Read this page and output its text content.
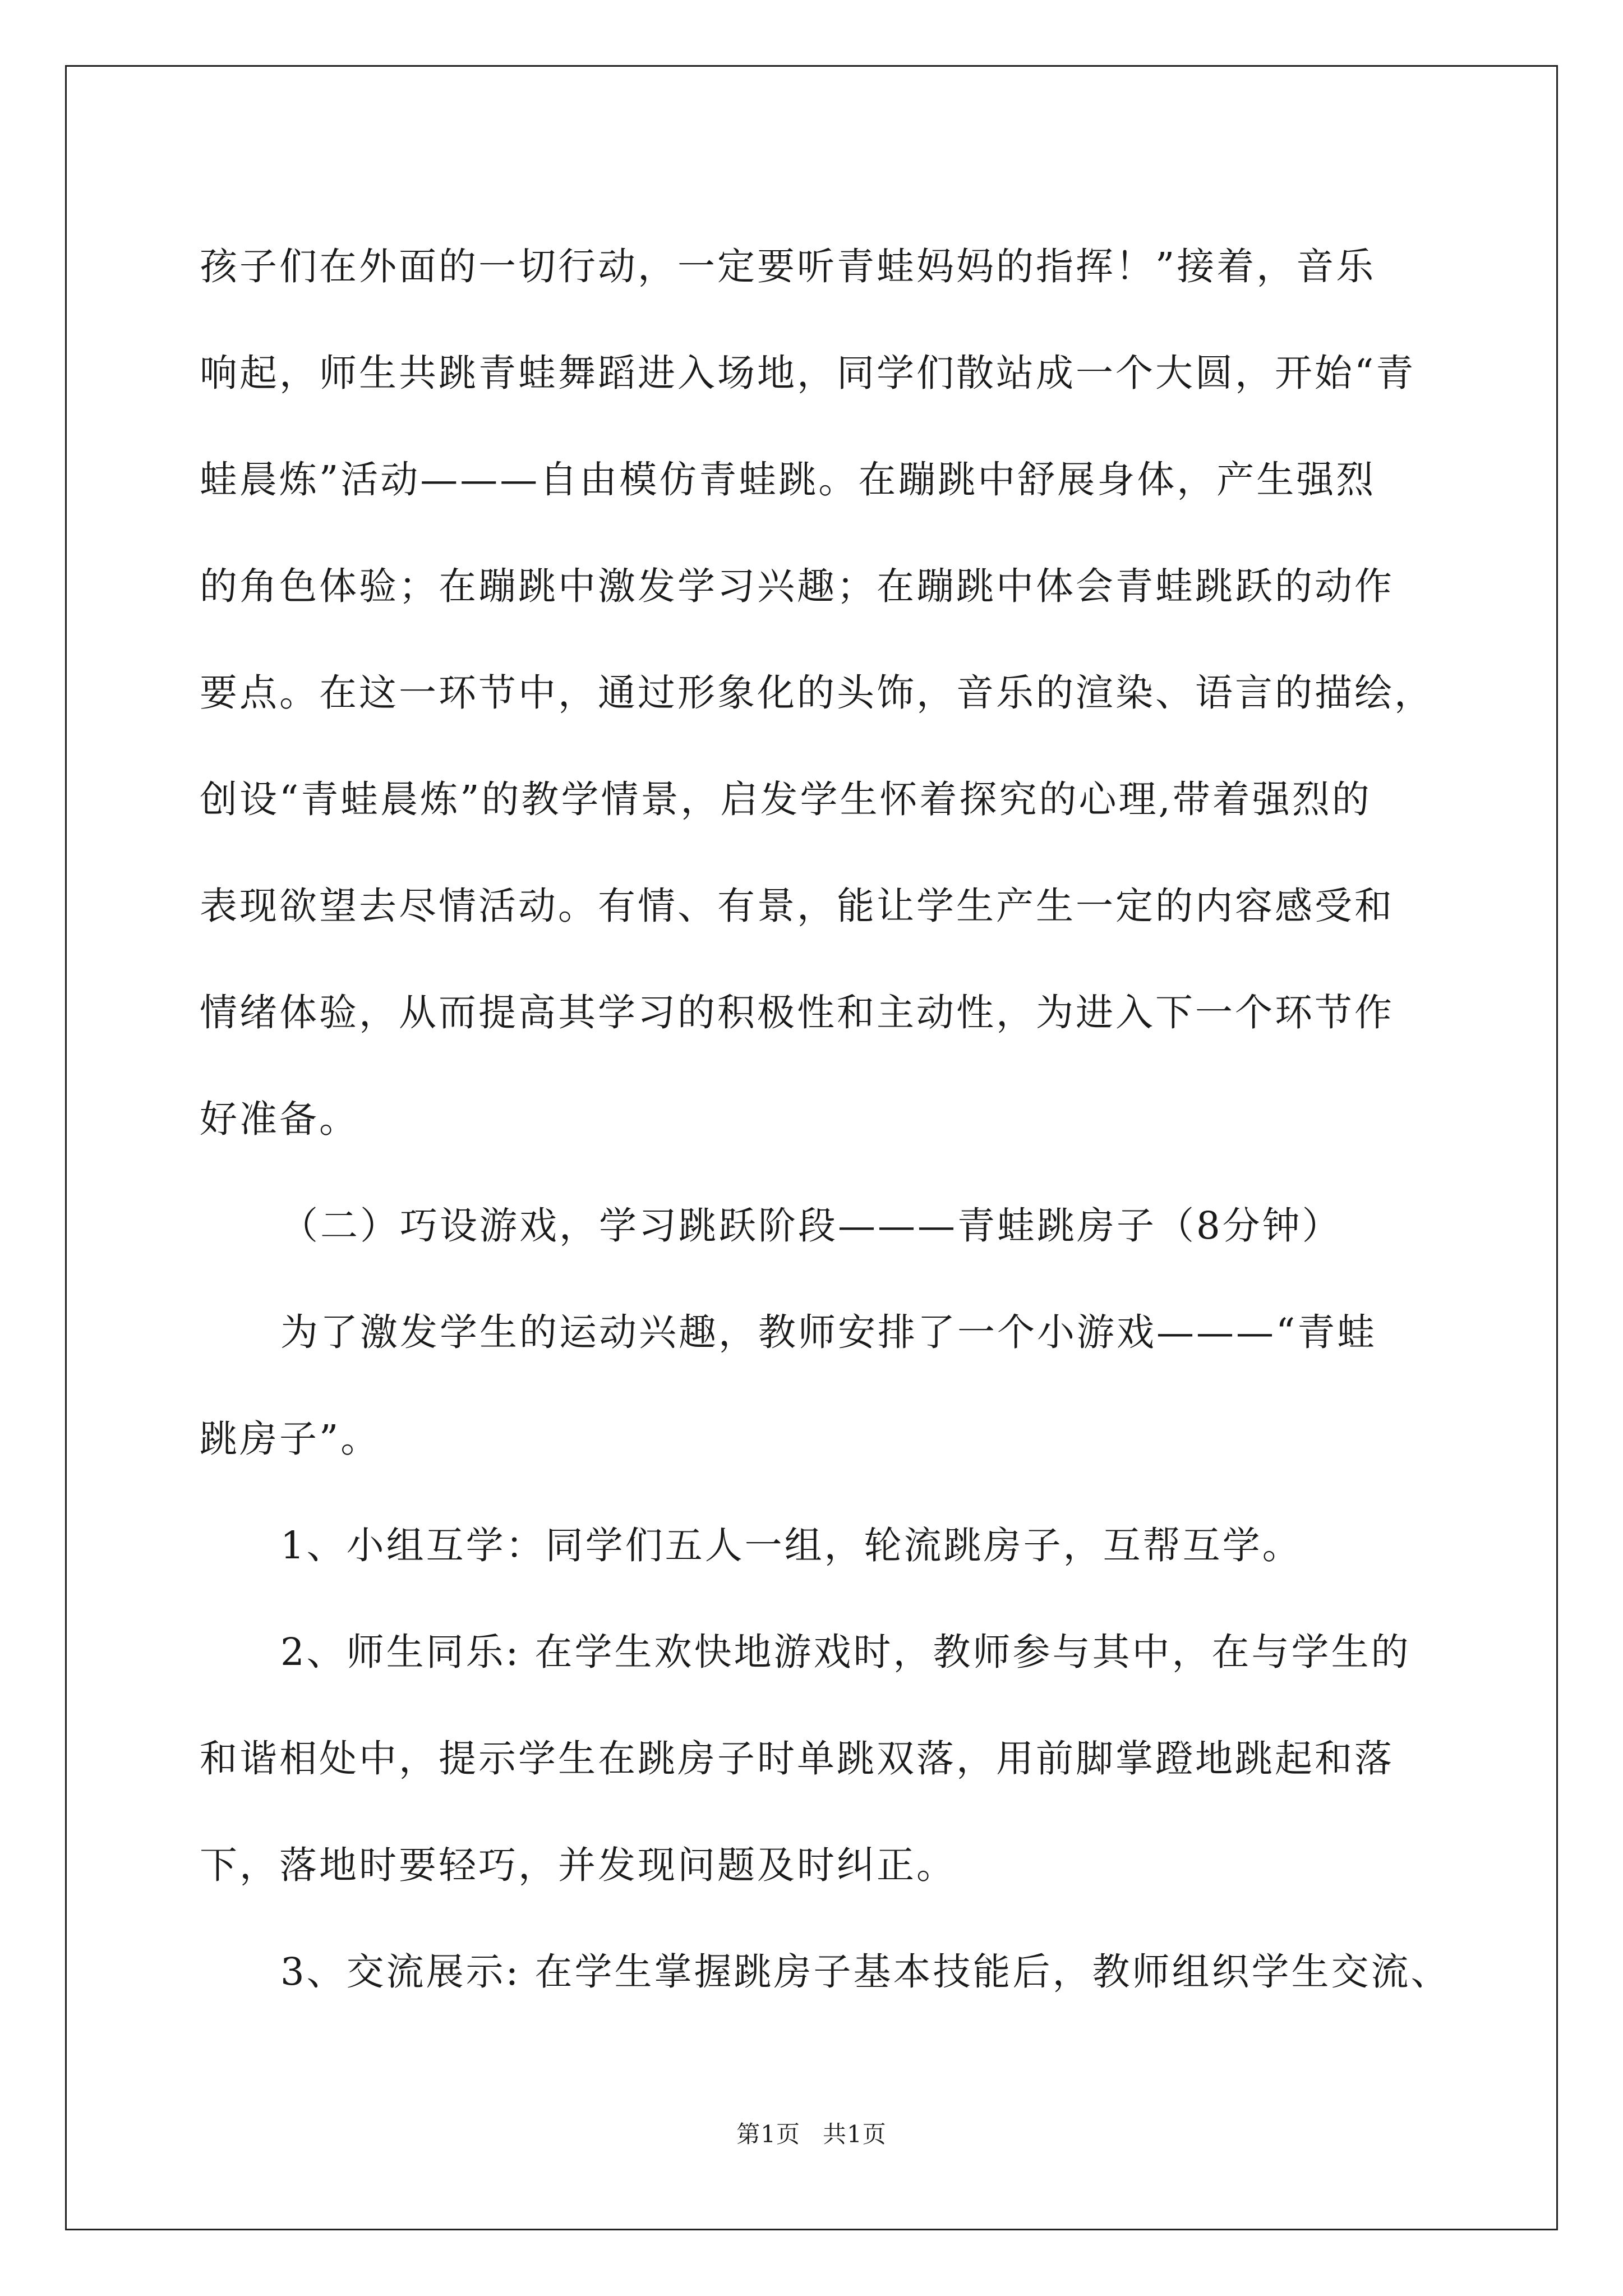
孩子们在外面的一切行动，一定要听青蛙妈妈的指挥！”接着，音乐
响起，师生共跳青蛙舞蹈进入场地，同学们散站成一个大圆，开始“青
蛙晨炼”活动———自由模仿青蛙跳。在蹦跳中舒展身体，产生强烈
的角色体验；在蹦跳中激发学习兴趣；在蹦跳中体会青蛙跳跃的动作
要点。在这一环节中，通过形象化的头饰，音乐的渲染、语言的描绘，
创设“青蛙晨炼”的教学情景，启发学生怀着探究的心理,带着强烈的
表现欲望去尽情活动。有情、有景，能让学生产生一定的内容感受和
情绪体验，从而提高其学习的积极性和主动性，为进入下一个环节作
好准备。
（二）巧设游戏，学习跳跃阶段———青蛙跳房子（8分钟）
为了激发学生的运动兴趣，教师安排了一个小游戏———“青蛙
跳房子”。
1、小组互学：同学们五人一组，轮流跳房子，互帮互学。
2、师生同乐: 在学生欢快地游戏时，教师参与其中，在与学生的
和谐相处中，提示学生在跳房子时单跳双落，用前脚掌蹬地跳起和落
下，落地时要轻巧，并发现问题及时纠正。
3、交流展示: 在学生掌握跳房子基本技能后，教师组织学生交流、
第1页 共1页
